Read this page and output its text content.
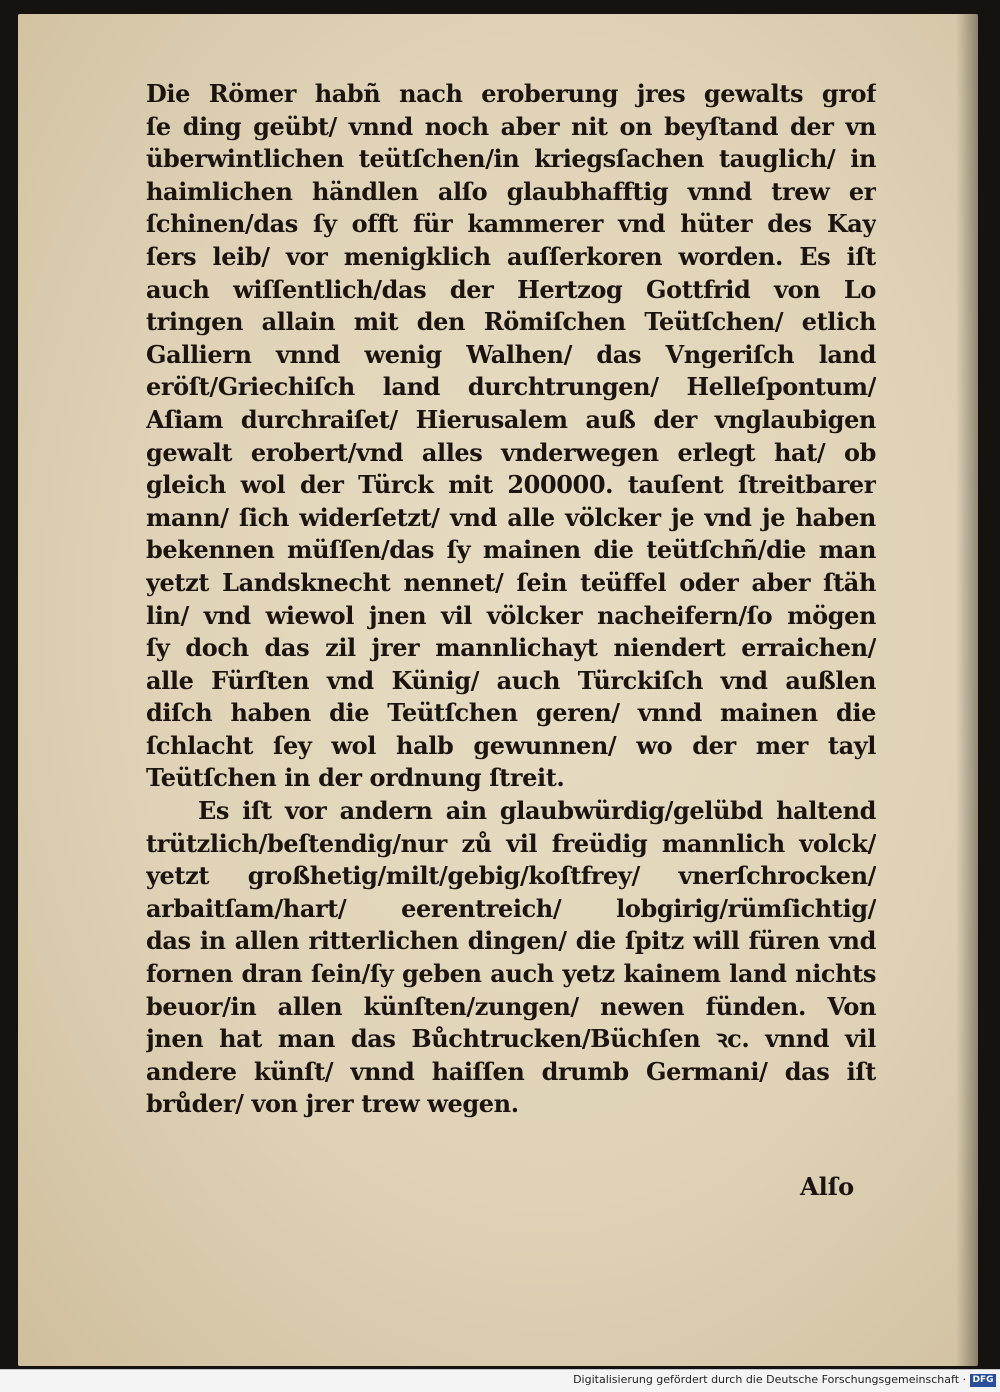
Die Römer habñ nach eroberung jres gewalts grof
ſe ding geübt/ vnnd noch aber nit on beyſtand der vn
überwintlichen teütſchen/in kriegsſachen tauglich/ in
haimlichen händlen alſo glaubhafftig vnnd trew er
ſchinen/das ſy offt für kammerer vnd hüter des Kay
ſers leib/ vor menigklich auſſerkoren worden. Es iſt
auch wiſſentlich/das der Hertzog Gottfrid von Lo
tringen allain mit den Römiſchen Teütſchen/ etlich
Galliern vnnd wenig Walhen/ das Vngeriſch land
eröſt/Griechiſch land durchtrungen/ Helleſpontum/
Aſiam durchraiſet/ Hierusalem auß der vnglaubigen
gewalt erobert/vnd alles vnderwegen erlegt hat/ ob
gleich wol der Türck mit 200000. tauſent ſtreitbarer
mann/ ſich widerſetzt/ vnd alle völcker je vnd je haben
bekennen müſſen/das ſy mainen die teütſchñ/die man
yetzt Landsknecht nennet/ ſein teüffel oder aber ſtäh
lin/ vnd wiewol jnen vil völcker nacheifern/ſo mögen
ſy doch das zil jrer mannlichayt niendert erraichen/
alle Fürſten vnd Künig/ auch Türckiſch vnd außlen
diſch haben die Teütſchen geren/ vnnd mainen die
ſchlacht ſey wol halb gewunnen/ wo der mer tayl
Teütſchen in der ordnung ſtreit.
Es iſt vor andern ain glaubwürdig/gelübd haltend
trützlich/beſtendig/nur zů vil freüdig mannlich volck/
yetzt großhetig/milt/gebig/koſtfrey/ vnerſchrocken/
arbaitſam/hart/ eerentreich/ lobgirig/rümſichtig/
das in allen ritterlichen dingen/ die ſpitz will füren vnd
fornen dran ſein/ſy geben auch yetz kainem land nichts
beuor/in allen künſten/zungen/ newen fünden. Von
jnen hat man das Bůchtrucken/Büchſen ꝛc. vnnd vil
andere künſt/ vnnd haiſſen drumb Germani/ das iſt
brůder/ von jrer trew wegen.
Alſo
Digitalisierung gefördert durch die Deutsche Forschungsgemeinschaft · DFG
